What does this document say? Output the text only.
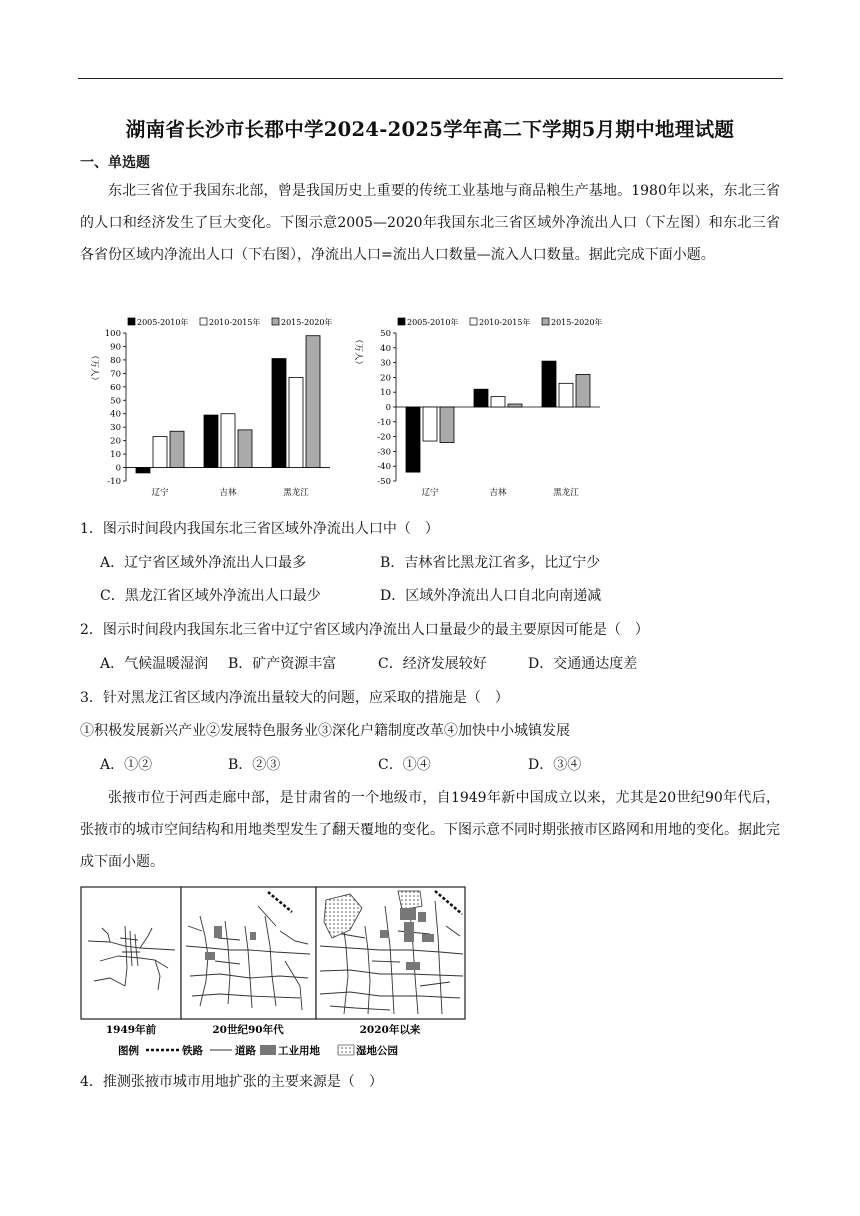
湖南省长沙市长郡中学2024-2025学年高二下学期5月期中地理试题
一、单选题
东北三省位于我国东北部，曾是我国历史上重要的传统工业基地与商品粮生产基地。1980年以来，东北三省的人口和经济发生了巨大变化。下图示意2005—2020年我国东北三省区域外净流出人口（下左图）和东北三省各省份区域内净流出人口（下右图），净流出人口=流出人口数量—流入人口数量。据此完成下面小题。
2005-2010年	2010-2015年	2015-2020年
（万人）
-10
0
10
20
30
40
50
60
70
80
90
100
辽宁	吉林	黑龙江
2005-2010年	2010-2015年	2015-2020年
（万人）
-50
-40
-30
-20
-10
0
10
20
30
40
50
辽宁	吉林	黑龙江
1．图示时间段内我国东北三省区域外净流出人口中（　）
A．辽宁省区域外净流出人口最多	B．吉林省比黑龙江省多，比辽宁少
C．黑龙江省区域外净流出人口最少	D．区域外净流出人口自北向南递减
2．图示时间段内我国东北三省中辽宁省区域内净流出人口量最少的最主要原因可能是（　）
A．气候温暖湿润 B．矿产资源丰富	C．经济发展较好	D．交通通达度差
3．针对黑龙江省区域内净流出量较大的问题，应采取的措施是（　）
①积极发展新兴产业②发展特色服务业③深化户籍制度改革④加快中小城镇发展
A．①②	B．②③	C．①④	D．③④
张掖市位于河西走廊中部，是甘肃省的一个地级市，自1949年新中国成立以来，尤其是20世纪90年代后，张掖市的城市空间结构和用地类型发生了翻天覆地的变化。下图示意不同时期张掖市区路网和用地的变化。据此完成下面小题。
1949年前	20世纪90年代	2020年以来
图例	铁路	道路 工业用地	湿地公园
4．推测张掖市城市用地扩张的主要来源是（　）
